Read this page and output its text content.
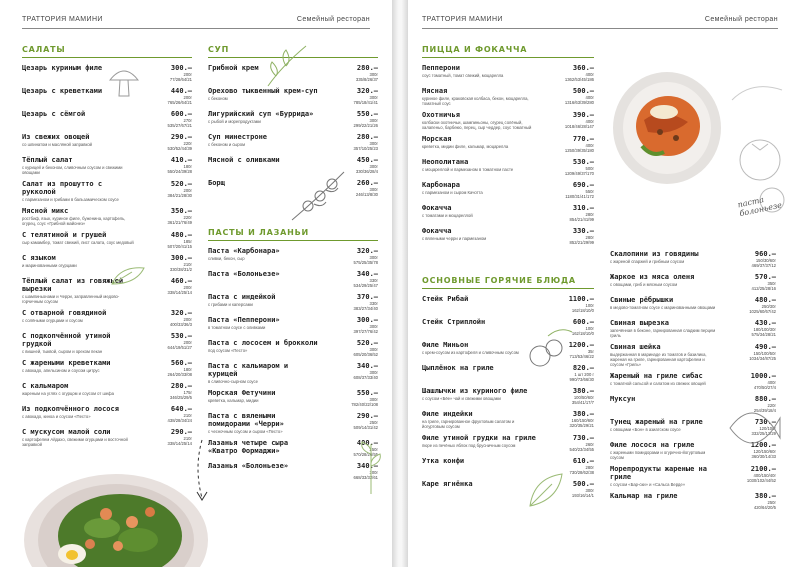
ТРАТТОРИЯ МАМИНИ	Семейный ресторан
САЛАТЫ
Цезарь куриным филе	300.–
200г
77/28/64/21
Цезарь с креветками	440.–
200г
765/26/64/21
Цезарь с сёмгой	600.–
270г
535/27/67/21
Из свежих овощей
со шпинатом и масляной заправкой
290.–
220г
530/52/44/39
Тёплый салат
с курицей и беконом, сливочным соусом и свежими овощами
410.–
180г
550/24/39/28
Салат из прошутто с рукколой
с пармезаном и грибами в бальзамическом соусе
520.–
200г
384/21/28/30
Мясной микс
ростбиф, язык, куриное филе, буженина, картофель, огурец, соус «Грибной майонез»
350.–
220г
361/21/76/49
С телятиной и грушей
сыр камамбер, томат свежий, лист салата, соус медовый
480.–
185г
507/20/41/15
С языком
и маринованными огурцами
300.–
210г
330/38/31/2
Тёплый салат из говяжьей вырезки
с шампиньонами и Черри, заправленный медово-горчичным соусом
460.–
200г
338/14/25/14
С отварной говядиной
с солёными огурцами и соусом
320.–
200г
400/33/36/3
С подкопчённой утиной грудкой
с вишней, тыквой, сыром и орехом пекан
530.–
200г
644/19/51/27
С жареными креветками
с авокадо, апельсином и соусом цитрус
560.–
180г
264/20/33/08
С кальмаром
жареным на углях с огурцом и соусом от шефа
280.–
175г
346/25/29/5
Из подкопчённого лосося
с авокадо, киноа и соусом «Песто»
640.–
210г
438/28/34/24
С мускусом малой соли
с картофелем Айдахо, свежими огурцами и восточной заправкой
290.–
210г
338/14/25/14
СУП
Грибной крем	280.–
300г
335/8/26/37
Орехово тыквенный крем-суп
с беконом
320.–
300г
785/18/41/41
Лигурийский суп «Буррида»
с рыбой и морепродуктами
550.–
300г
299/22/21/26
Суп минестроне
с беконом и сыром
280.–
300г
357/10/25/23
Мясной с оливками	450.–
300г
330/36/28/4
Борщ	260.–
300г
246/13/8/30
ПАСТЫ И ЛАЗАНЬИ
Паста «Карбонара»
сливки, бекон, сыр
320.–
300г
575/25/35/78
Паста «Болоньезе»	340.–
330г
534/29/25/47
Паста с индейкой
с грибами и каперсами
370.–
330г
383/27/34/40
Паста «Пепперони»
в томатном соусе с оливками
300.–
300г
397/27/76/42
Паста с лососем и брокколи
под соусом «Песто»
520.–
300г
605/20/36/52
Паста с кальмаром и курицей
в сливочно-сырном соусе
340.–
300г
608/37/33/40
Морская Фетучини
креветка, кальмар, мидии
550.–
300г
782/40/22/108
Паста с вялеными помидорами «Черри»
с чесночным соусом и сыром «Песто»
290.–
250г
509/14/31/42
Лазанья четыре сыра «Кватро Формаджи»
400.–
250г
570/28/26/55
Лазанья «Болоньезе»	340.–
300г
668/33/32/61
ТРАТТОРИЯ МАМИНИ	Семейный ресторан
ПИЦЦА И ФОКАЧЧА
Пепперони
соус томатный, томат свежий, моцарелла
360.–
400г
1362/53/45/186
Мясная
куриное филе, краковская колбаса, бекон, моцарелла, томатный соус
500.–
400г
1316/63/39/280
Охотничья
колбаски охотничьи, шампиньоны, огурец солёный, халапеньо, барбекю, перец, сыр чеддер, соус томатный
390.–
400г
1018/46/28/147
Морская
креветка, мидии филе, кальмар, моцарелла
770.–
400г
1250/39/35/180
Неополитана
с моцареллой и пармезаном в томатном пасте
530.–
500г
1209/49/37/170
Карбонара
с пармезаном и сыром Качотта
690.–
550г
1180/31/41/172
Фокачча
с томатами и моцареллой
310.–
280г
854/21/41/99
Фокачча
с вялеными черри и пармезаном
330.–
280г
852/21/29/99
ОСНОВНЫЕ ГОРЯЧИЕ БЛЮДА
Стейк Рибай	1100.–
100г
162/18/10/0
Стейк Стриплойн	600.–
100г
162/18/10/0
Филе Миньон
с крем-соусом из картофеля и сливочным соусом
1200.–
35г
713/53/46/22
Цыплёнок на гриле	820.–
1 шт 200 г
990/73/66/30
Шашлычки из куриного филе
с соусом «Бёе» чай и свежими овощами
380.–
100/50/60г
354/41/17/7
Филе индейки
на гриле, гарнированное фруктовым салатом и йогуртовым соусом
380.–
160/150/60г
320/35/29/21
Филе утиной грудки на гриле
пюре из печёных яблок под брусничным соусом
730.–
260г
540/23/34/55
Утка конфи	610.–
280г
730/28/62/38
Каре ягнёнка	500.–
300г
193/16/14/1
Скалопини из говядины
с жареной спаржей и грибным соусом
960.–
150/30/60г
469/37/37/12
Жаркое из мяса оленя
с овощами, гриб и мясным соусом
570.–
350г
412/25/28/16
Свиные рёбрышки
в медово-томатном соусе с маринованными овощами
480.–
250/30г
1025/60/67/42
Свиная вырезка
запечённая в беконе, гарнированная сладким перцем гриль
430.–
180/100/30г
575/34/28/21
Свиная шейка
выдержанная в маринаде из томатов и базилика, жареная на гриле, гарнированная картофелем и соусом «Гриль»
490.–
150/100/50г
1034/34/87/25
Жареный на гриле сибас
с томатной сальсой и салатом из свежих овощей
1000.–
400г
470/50/27/4
Муксун	880.–
220г
254/39/18/4
Тунец жареный на гриле
с овощами «Бон» в азиатском соусе
730.–
120/100г
332/25/12/29
Филе лосося на гриле
с жареными помидорами и огуречно-йогуртовым соусом
1200.–
120/150/60г
360/30/14/33
Морепродукты жареные на гриле
с соусом «Бар-ски» и «Сальса Верде»
2100.–
400/150/40г
1030/102/44/52
Кальмар на гриле	380.–
250г
420/64/20/5
паста болоньезе
